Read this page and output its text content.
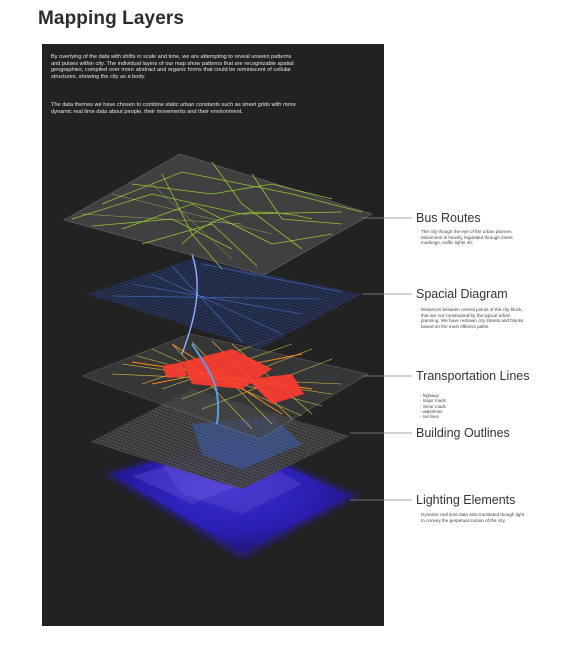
Mapping Layers
By overlying of the data with shifts in scale and time, we are attempting to reveal unseen patterns and pulses within city. The individual layers of our map show patterns that are recognizable spatial geographies, compiled over more abstract and organic forms that could be reminiscent of cellular structures, showing the city as a body.
The data themes we have chosen to combine static urban constants such as street grids with more dynamic real time data about people, their movements and their environment.
Bus Routes
The city though the eye of the urban planner. Movement is heavily regulated through street markings, traffic lights etc
Spacial Diagram
Distances between central points of the city block, that are not constrained by the typical urban planning. We have redrawn city streets and blocks based on the most efficient paths.
Transportation Lines
- highway
- major roads
- minor roads
- waterlines
- rail lines
Building Outlines
Lighting Elements
Dynamic real time data sets translated though light to convey the perpetual motion of the city.
